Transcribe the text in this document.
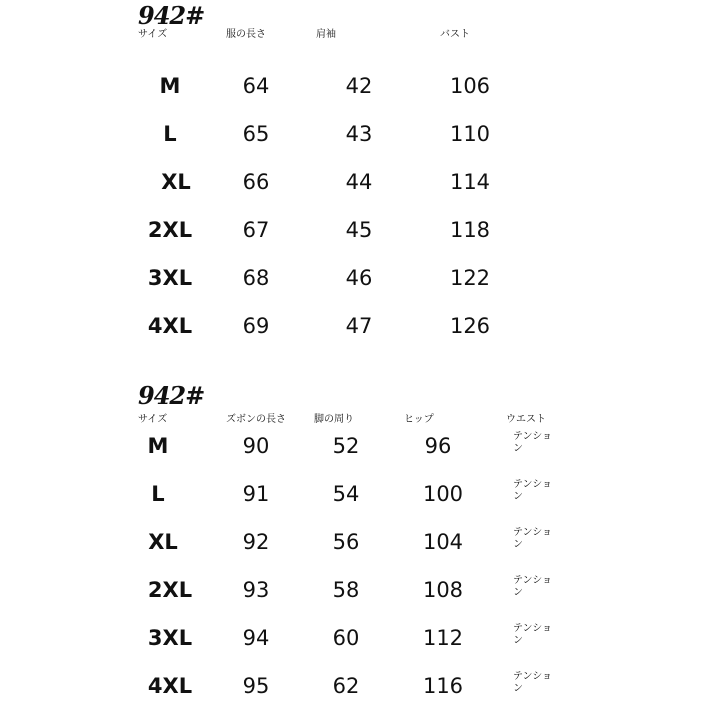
942#
サイズ	服の長さ	肩袖	バスト
M	64	42	106
L	65	43	110
XL 66	44	114
2XL 67	45	118
3XL 68	46	122
4XL 69	47	126
942#
サイズ	ズボンの長さ	脚の周り	ヒップ	ウエスト
M	90	52	96	テンション
L	91	54	100	テンション
XL	92	56	104	テンション
2XL 93	58	108	テンション
3XL 94	60	112	テンション
4XL 95	62	116	テンション
